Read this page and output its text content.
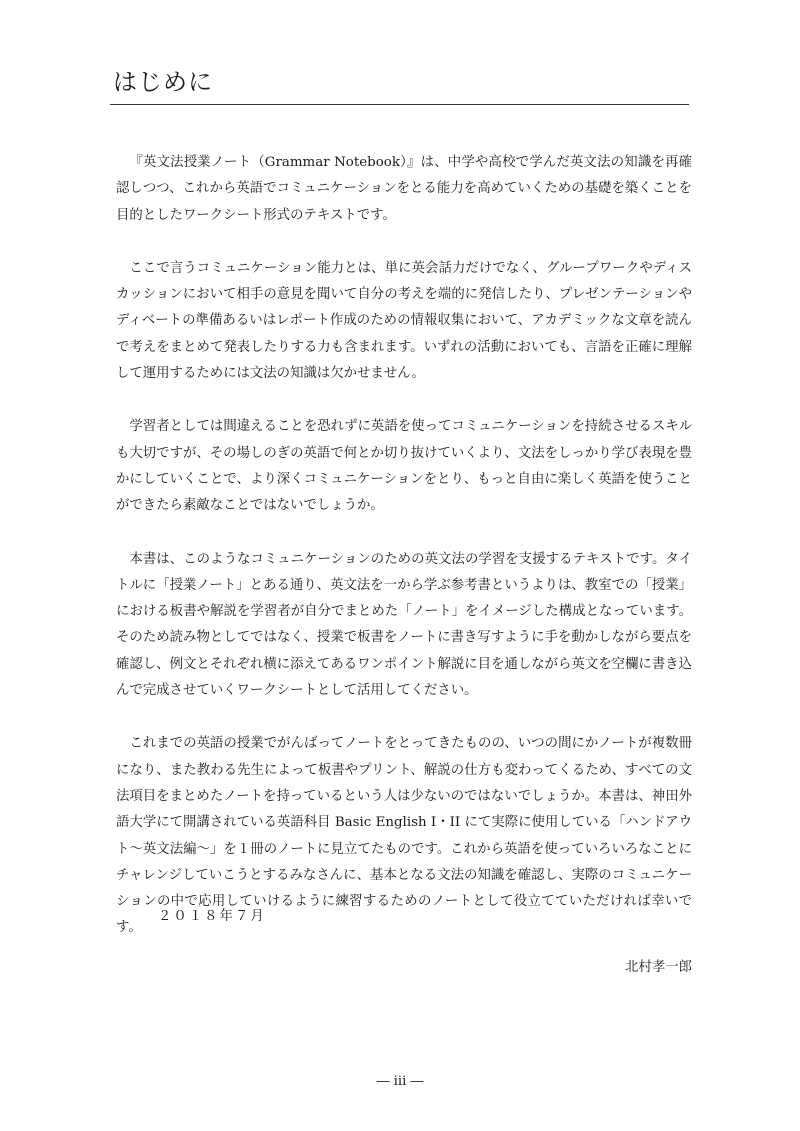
はじめに

『英文法授業ノート（Grammar Notebook）』は、中学や高校で学んだ英文法の知識を再確認しつつ、これから英語でコミュニケーションをとる能力を高めていくための基礎を築くことを目的としたワークシート形式のテキストです。

ここで言うコミュニケーション能力とは、単に英会話力だけでなく、グループワークやディスカッションにおいて相手の意見を聞いて自分の考えを端的に発信したり、プレゼンテーションやディベートの準備あるいはレポート作成のための情報収集において、アカデミックな文章を読んで考えをまとめて発表したりする力も含まれます。いずれの活動においても、言語を正確に理解して運用するためには文法の知識は欠かせません。

学習者としては間違えることを恐れずに英語を使ってコミュニケーションを持続させるスキルも大切ですが、その場しのぎの英語で何とか切り抜けていくより、文法をしっかり学び表現を豊かにしていくことで、より深くコミュニケーションをとり、もっと自由に楽しく英語を使うことができたら素敵なことではないでしょうか。

本書は、このようなコミュニケーションのための英文法の学習を支援するテキストです。タイトルに「授業ノート」とある通り、英文法を一から学ぶ参考書というよりは、教室での「授業」における板書や解説を学習者が自分でまとめた「ノート」をイメージした構成となっています。そのため読み物としてではなく、授業で板書をノートに書き写すように手を動かしながら要点を確認し、例文とそれぞれ横に添えてあるワンポイント解説に目を通しながら英文を空欄に書き込んで完成させていくワークシートとして活用してください。

これまでの英語の授業でがんばってノートをとってきたものの、いつの間にかノートが複数冊になり、また教わる先生によって板書やプリント、解説の仕方も変わってくるため、すべての文法項目をまとめたノートを持っているという人は少ないのではないでしょうか。本書は、神田外語大学にて開講されている英語科目 Basic English I・II にて実際に使用している「ハンドアウト～英文法編～」を１冊のノートに見立てたものです。これから英語を使っていろいろなことにチャレンジしていこうとするみなさんに、基本となる文法の知識を確認し、実際のコミュニケーションの中で応用していけるように練習するためのノートとして役立てていただければ幸いです。

２０１８年７月
北村孝一郎
― iii ―
